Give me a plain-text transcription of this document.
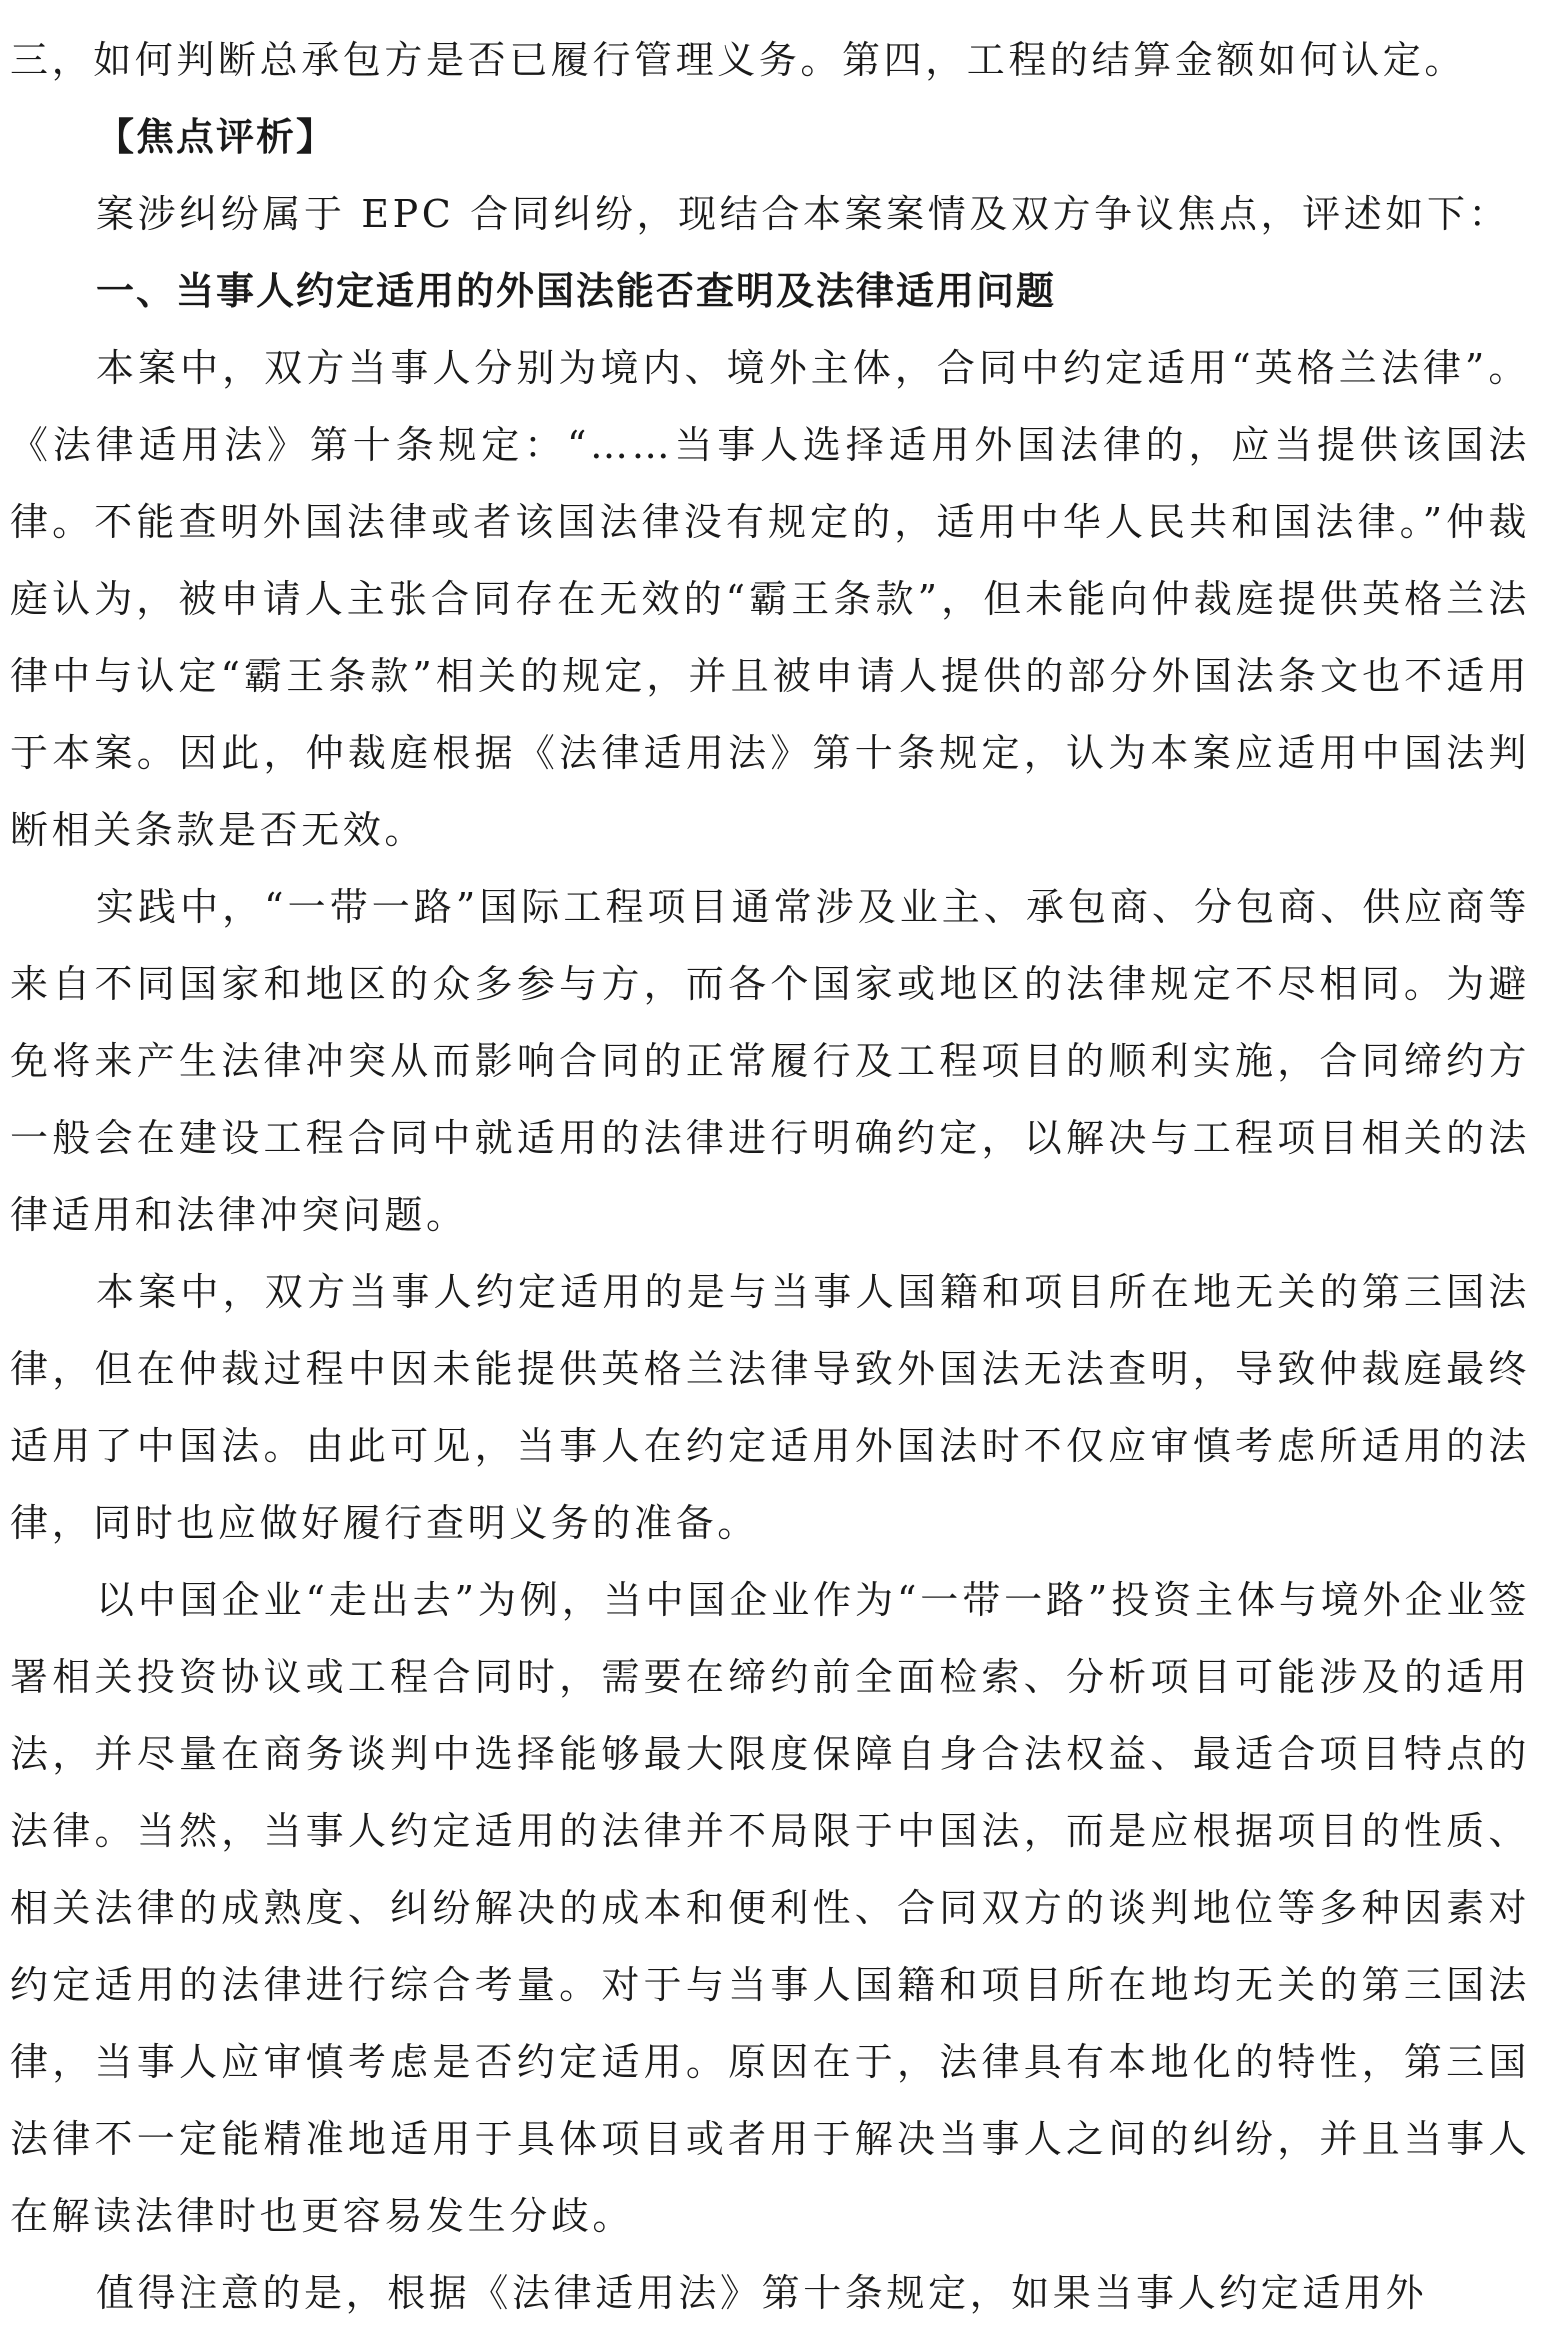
三，如何判断总承包方是否已履行管理义务。第四，工程的结算金额如何认定。

【焦点评析】

案涉纠纷属于 EPC 合同纠纷，现结合本案案情及双方争议焦点，评述如下：

一、当事人约定适用的外国法能否查明及法律适用问题

本案中，双方当事人分别为境内、境外主体，合同中约定适用“英格兰法律”。《法律适用法》第十条规定：“……当事人选择适用外国法律的，应当提供该国法律。不能查明外国法律或者该国法律没有规定的，适用中华人民共和国法律。”仲裁庭认为，被申请人主张合同存在无效的“霸王条款”，但未能向仲裁庭提供英格兰法律中与认定“霸王条款”相关的规定，并且被申请人提供的部分外国法条文也不适用于本案。因此，仲裁庭根据《法律适用法》第十条规定，认为本案应适用中国法判断相关条款是否无效。

实践中，“一带一路”国际工程项目通常涉及业主、承包商、分包商、供应商等来自不同国家和地区的众多参与方，而各个国家或地区的法律规定不尽相同。为避免将来产生法律冲突从而影响合同的正常履行及工程项目的顺利实施，合同缔约方一般会在建设工程合同中就适用的法律进行明确约定，以解决与工程项目相关的法律适用和法律冲突问题。

本案中，双方当事人约定适用的是与当事人国籍和项目所在地无关的第三国法律，但在仲裁过程中因未能提供英格兰法律导致外国法无法查明，导致仲裁庭最终适用了中国法。由此可见，当事人在约定适用外国法时不仅应审慎考虑所适用的法律，同时也应做好履行查明义务的准备。

以中国企业“走出去”为例，当中国企业作为“一带一路”投资主体与境外企业签署相关投资协议或工程合同时，需要在缔约前全面检索、分析项目可能涉及的适用法，并尽量在商务谈判中选择能够最大限度保障自身合法权益、最适合项目特点的法律。当然，当事人约定适用的法律并不局限于中国法，而是应根据项目的性质、相关法律的成熟度、纠纷解决的成本和便利性、合同双方的谈判地位等多种因素对约定适用的法律进行综合考量。对于与当事人国籍和项目所在地均无关的第三国法律，当事人应审慎考虑是否约定适用。原因在于，法律具有本地化的特性，第三国法律不一定能精准地适用于具体项目或者用于解决当事人之间的纠纷，并且当事人在解读法律时也更容易发生分歧。

值得注意的是，根据《法律适用法》第十条规定，如果当事人约定适用外
